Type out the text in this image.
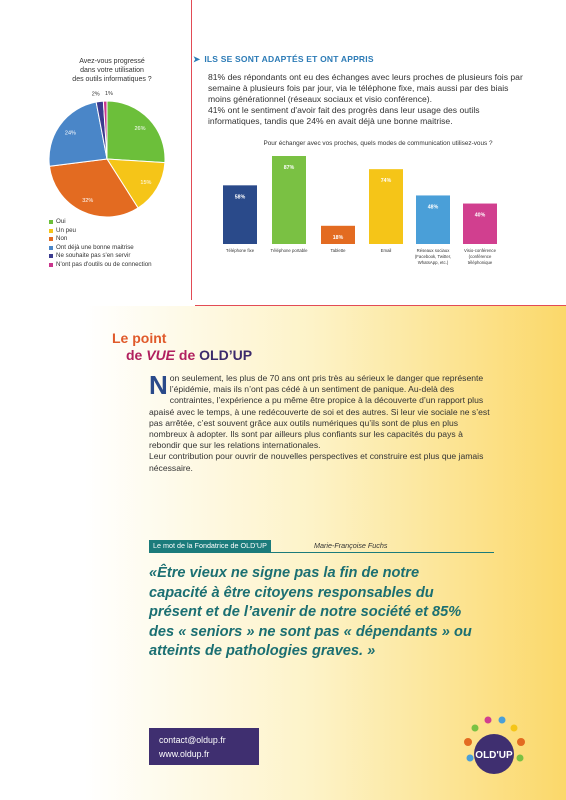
Avez-vous progressé
dans votre utilisation
des outils informatiques ?
26%
15%
32%
24%
2% 1%
Oui
Un peu
Non
Ont déjà une bonne maitrise
Ne souhaite pas s'en servir
N'ont pas d'outils ou de connection
➤ ILS SE SONT ADAPTÉS ET ONT APPRIS

81% des répondants ont eu des échanges avec leurs proches de plusieurs fois par semaine à plusieurs fois par jour, via le téléphone fixe, mais aussi par des biais moins générationnel (réseaux sociaux et visio conférence).

41% ont le sentiment d'avoir fait des progrès dans leur usage des outils informatiques, tandis que 24% en avait déjà une bonne maitrise.

Pour échanger avec vos proches, quels modes de communication utilisez-vous ?
58%
Téléphone fixe
87%
Téléphone portable
18%
Tablette
74%
Email
48%
Réseaux sociaux
(Facebook, Twitter,
WhatsApp, etc.)
40%
Visio-conférence
(conférence
téléphonique
Le point
de VUE de OLD’UP
N on seulement, les plus de 70 ans ont pris très au sérieux le danger que représente l’épidémie, mais ils n’ont pas cédé à un sentiment de panique. Au-delà des contraintes, l’expérience a pu même être propice à la découverte d’un rapport plus apaisé avec le temps, à une redécouverte de soi et des autres. Si leur vie sociale ne s’est pas arrêtée, c’est souvent grâce aux outils numériques qu’ils sont de plus en plus nombreux à adopter. Ils sont par ailleurs plus confiants sur les capacités du pays à rebondir que sur les relations internationales.

Leur contribution pour ouvrir de nouvelles perspectives et construire est plus que jamais nécessaire.

Le mot de la Fondatrice de OLD’UP	Marie-Françoise Fuchs
«Être vieux ne signe pas la fin de notre capacité à être citoyens responsables du présent et de l’avenir de notre société et 85% des « seniors » ne sont pas « dépendants » ou atteints de pathologies graves. »
contact@oldup.fr
www.oldup.fr	OLD'UP
